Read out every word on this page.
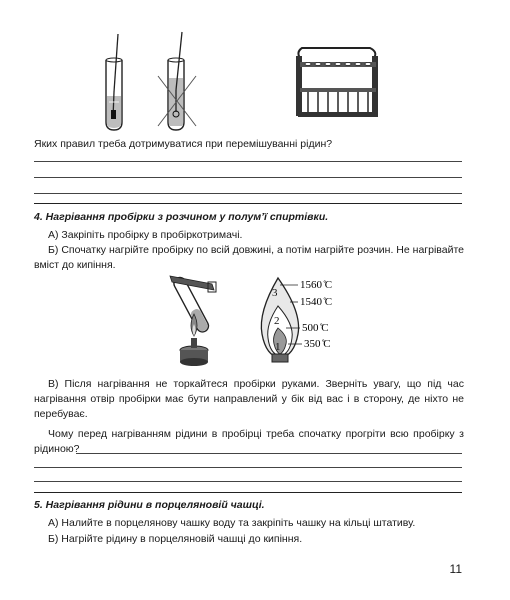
Яких правил треба дотримуватися при перемішуванні рідин?
4. Нагрівання пробірки з розчином у полум’ї спиртівки.
А) Закріпіть пробірку в пробіркотримачі.
Б) Спочатку нагрійте пробірку по всій довжині, а потім нагрійте розчин. Не нагрівайте вміст до кипіння.
3
2
1
1560 ̊C
1540 ̊C
500 ̊C
350 ̊C
В) Після нагрівання не торкайтеся пробірки руками. Зверніть увагу, що під час нагрівання отвір пробірки має бути направлений у бік від вас і в сторону, де ніхто не перебуває.
Чому перед нагріванням рідини в пробірці треба спочатку прогріти всю пробірку з рідиною?
5. Нагрівання рідини в порцеляновій чашці.
А) Налийте в порцелянову чашку воду та закріпіть чашку на кільці штативу.
Б) Нагрійте рідину в порцеляновій чашці до кипіння.
11
